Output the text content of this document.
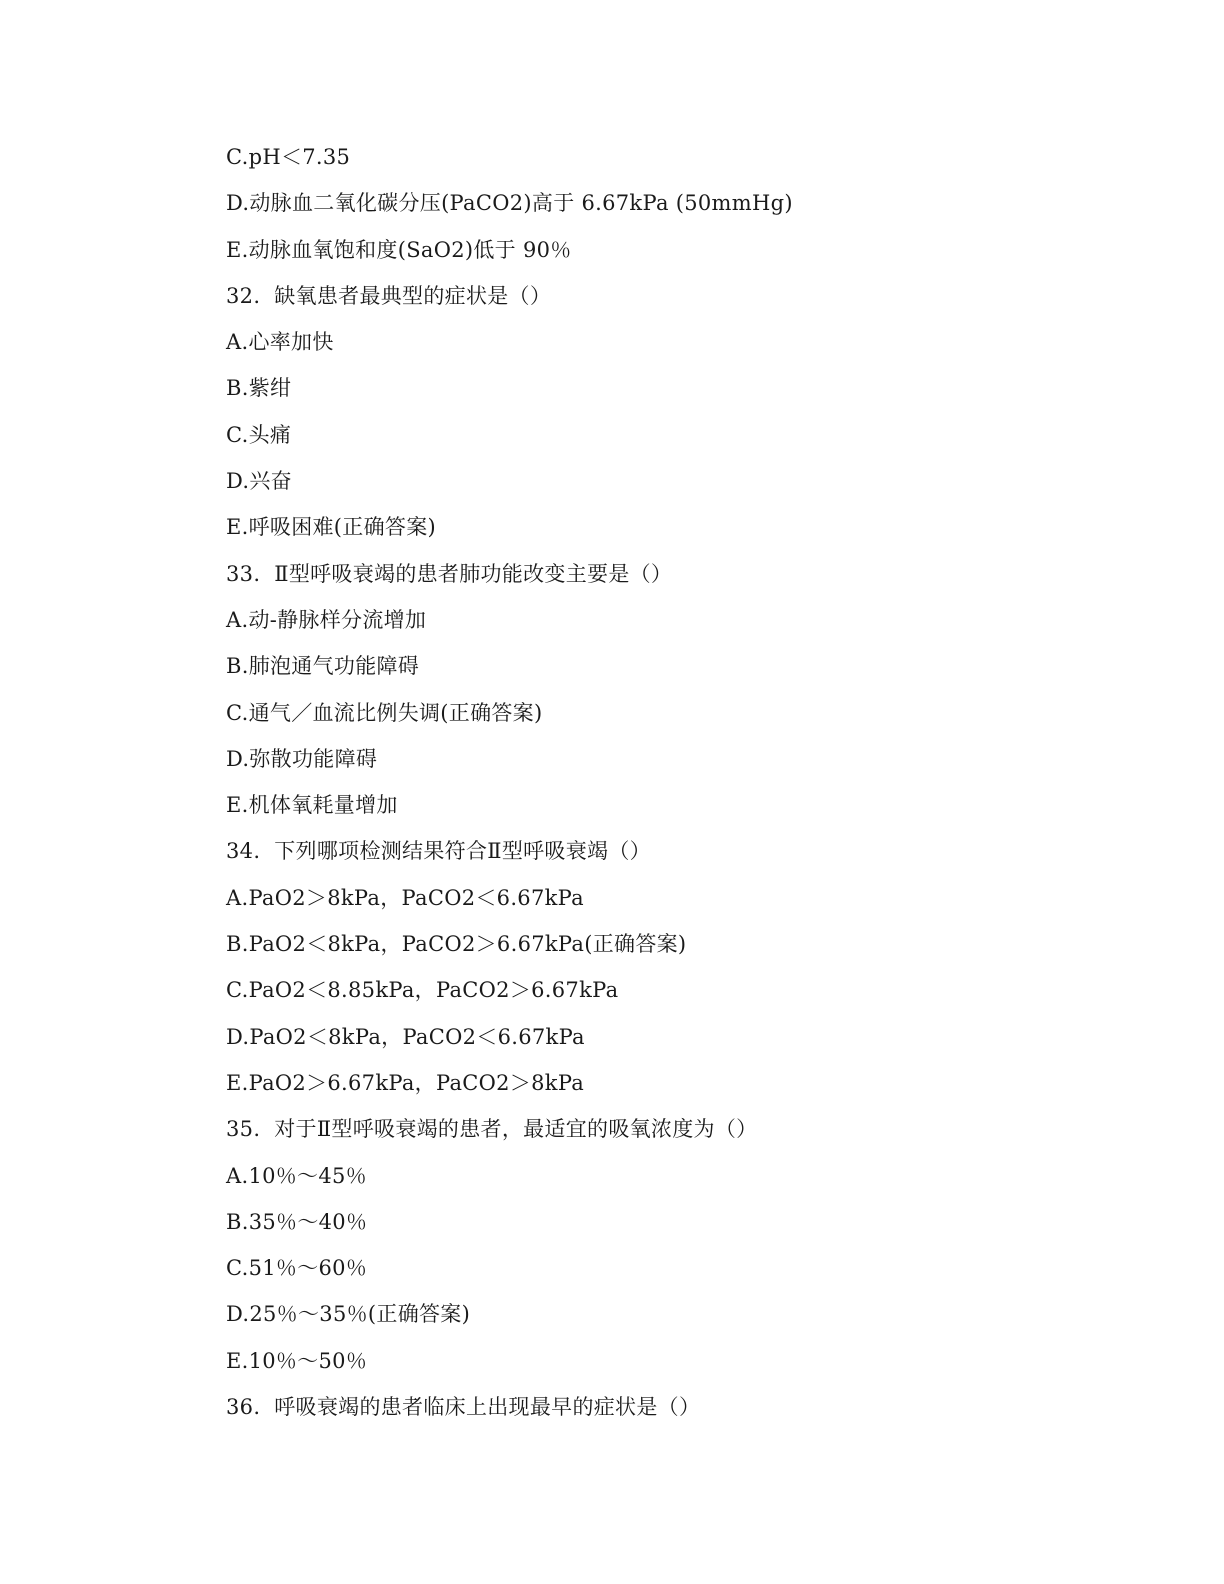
C.pH＜7.35
D.动脉血二氧化碳分压(PaCO2)高于 6.67kPa (50mmHg)
E.动脉血氧饱和度(SaO2)低于 90％
32.  缺氧患者最典型的症状是（）
A.心率加快
B.紫绀
C.头痛
D.兴奋
E.呼吸困难(正确答案)
33.  Ⅱ型呼吸衰竭的患者肺功能改变主要是（）
A.动-静脉样分流增加
B.肺泡通气功能障碍
C.通气／血流比例失调(正确答案)
D.弥散功能障碍
E.机体氧耗量增加
34.  下列哪项检测结果符合Ⅱ型呼吸衰竭（）
A.PaO2＞8kPa，PaCO2＜6.67kPa
B.PaO2＜8kPa，PaCO2＞6.67kPa(正确答案)
C.PaO2＜8.85kPa，PaCO2＞6.67kPa
D.PaO2＜8kPa，PaCO2＜6.67kPa
E.PaO2＞6.67kPa，PaCO2＞8kPa
35.  对于Ⅱ型呼吸衰竭的患者，最适宜的吸氧浓度为（）
A.10％～45％
B.35％～40％
C.51％～60％
D.25％～35％(正确答案)
E.10％～50％
36.  呼吸衰竭的患者临床上出现最早的症状是（）
